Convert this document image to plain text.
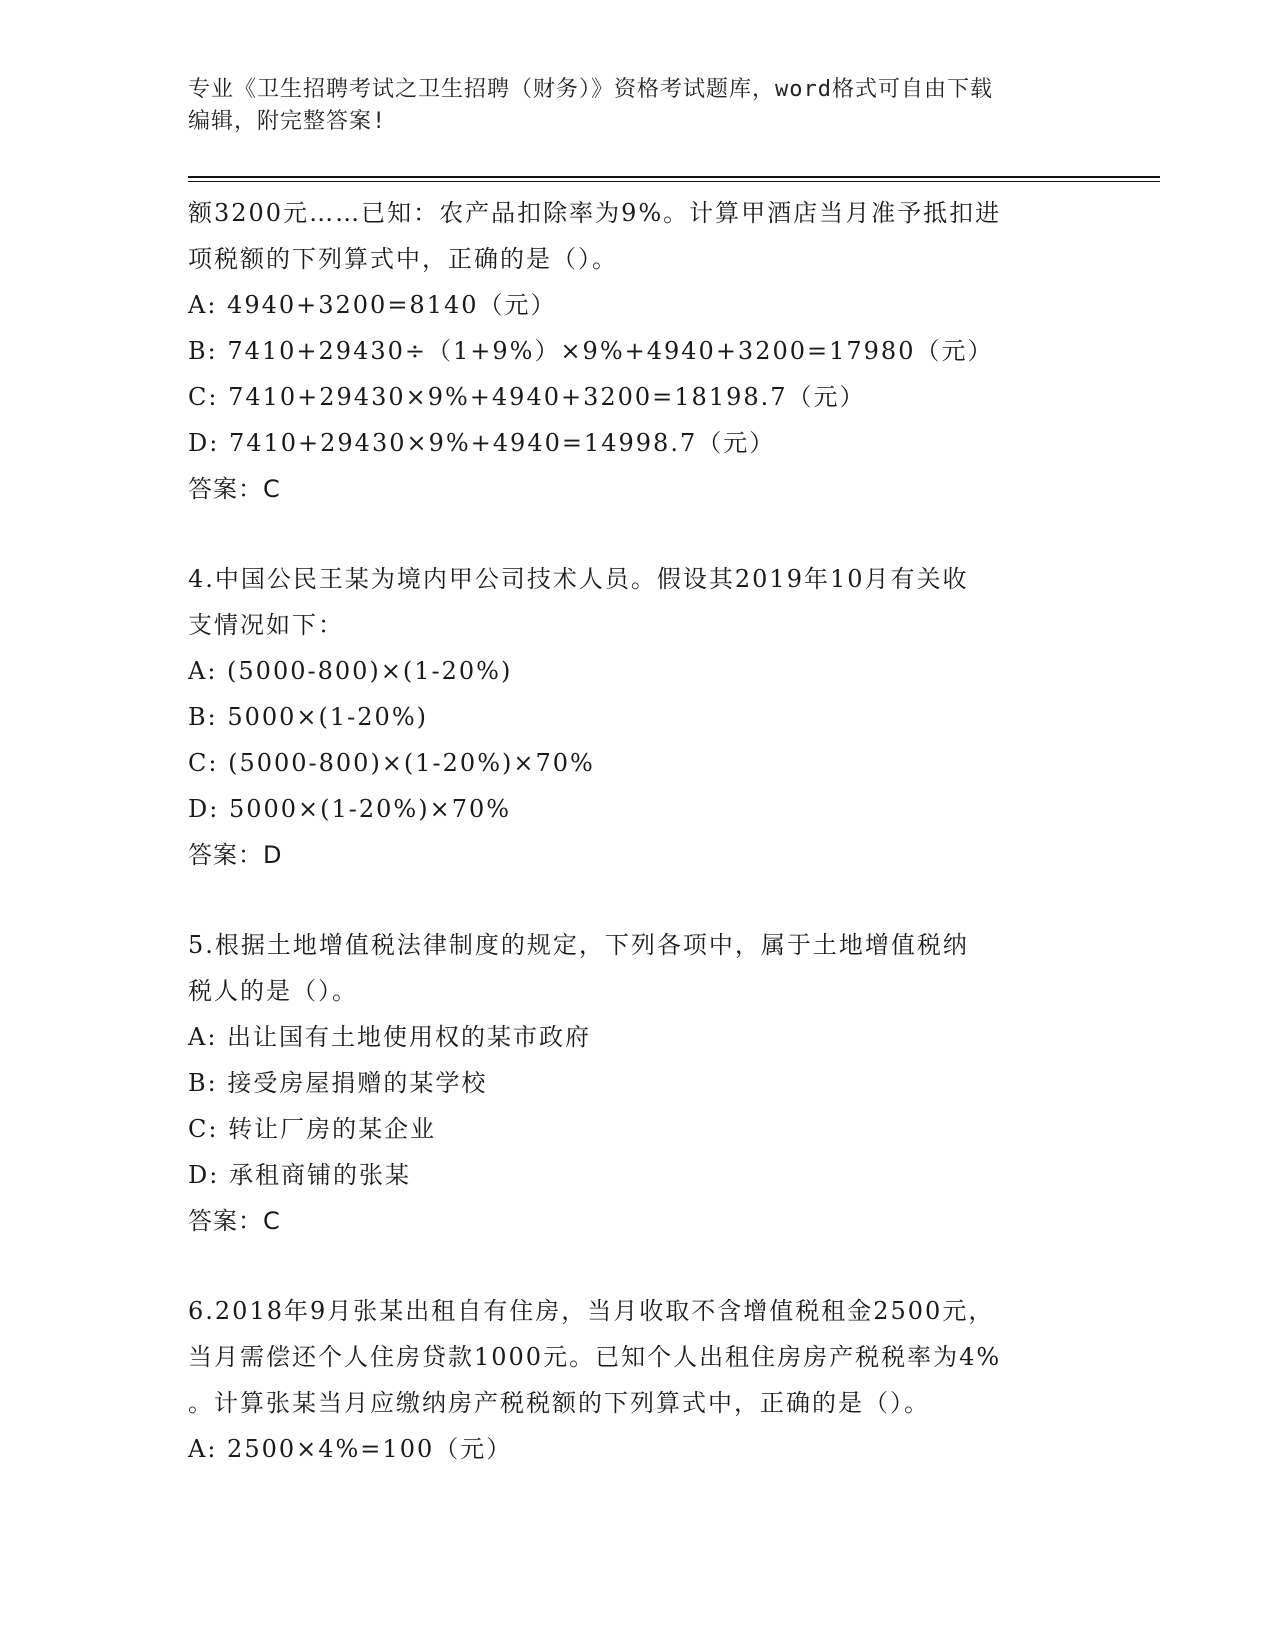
专业《卫生招聘考试之卫生招聘（财务）》资格考试题库，word格式可自由下载
编辑，附完整答案!
额3200元……已知：农产品扣除率为9%。计算甲酒店当月准予抵扣进
项税额的下列算式中，正确的是（）。
A: 4940+3200=8140（元）
B: 7410+29430÷（1+9%）×9%+4940+3200=17980（元）
C: 7410+29430×9%+4940+3200=18198.7（元）
D: 7410+29430×9%+4940=14998.7（元）
答案：C
4.中国公民王某为境内甲公司技术人员。假设其2019年10月有关收
支情况如下：
A: (5000-800)×(1-20%)
B: 5000×(1-20%)
C: (5000-800)×(1-20%)×70%
D: 5000×(1-20%)×70%
答案：D
5.根据土地增值税法律制度的规定，下列各项中，属于土地增值税纳
税人的是（）。
A: 出让国有土地使用权的某市政府
B: 接受房屋捐赠的某学校
C: 转让厂房的某企业
D: 承租商铺的张某
答案：C
6.2018年9月张某出租自有住房，当月收取不含增值税租金2500元，
当月需偿还个人住房贷款1000元。已知个人出租住房房产税税率为4%
。计算张某当月应缴纳房产税税额的下列算式中，正确的是（）。
A: 2500×4%=100（元）
